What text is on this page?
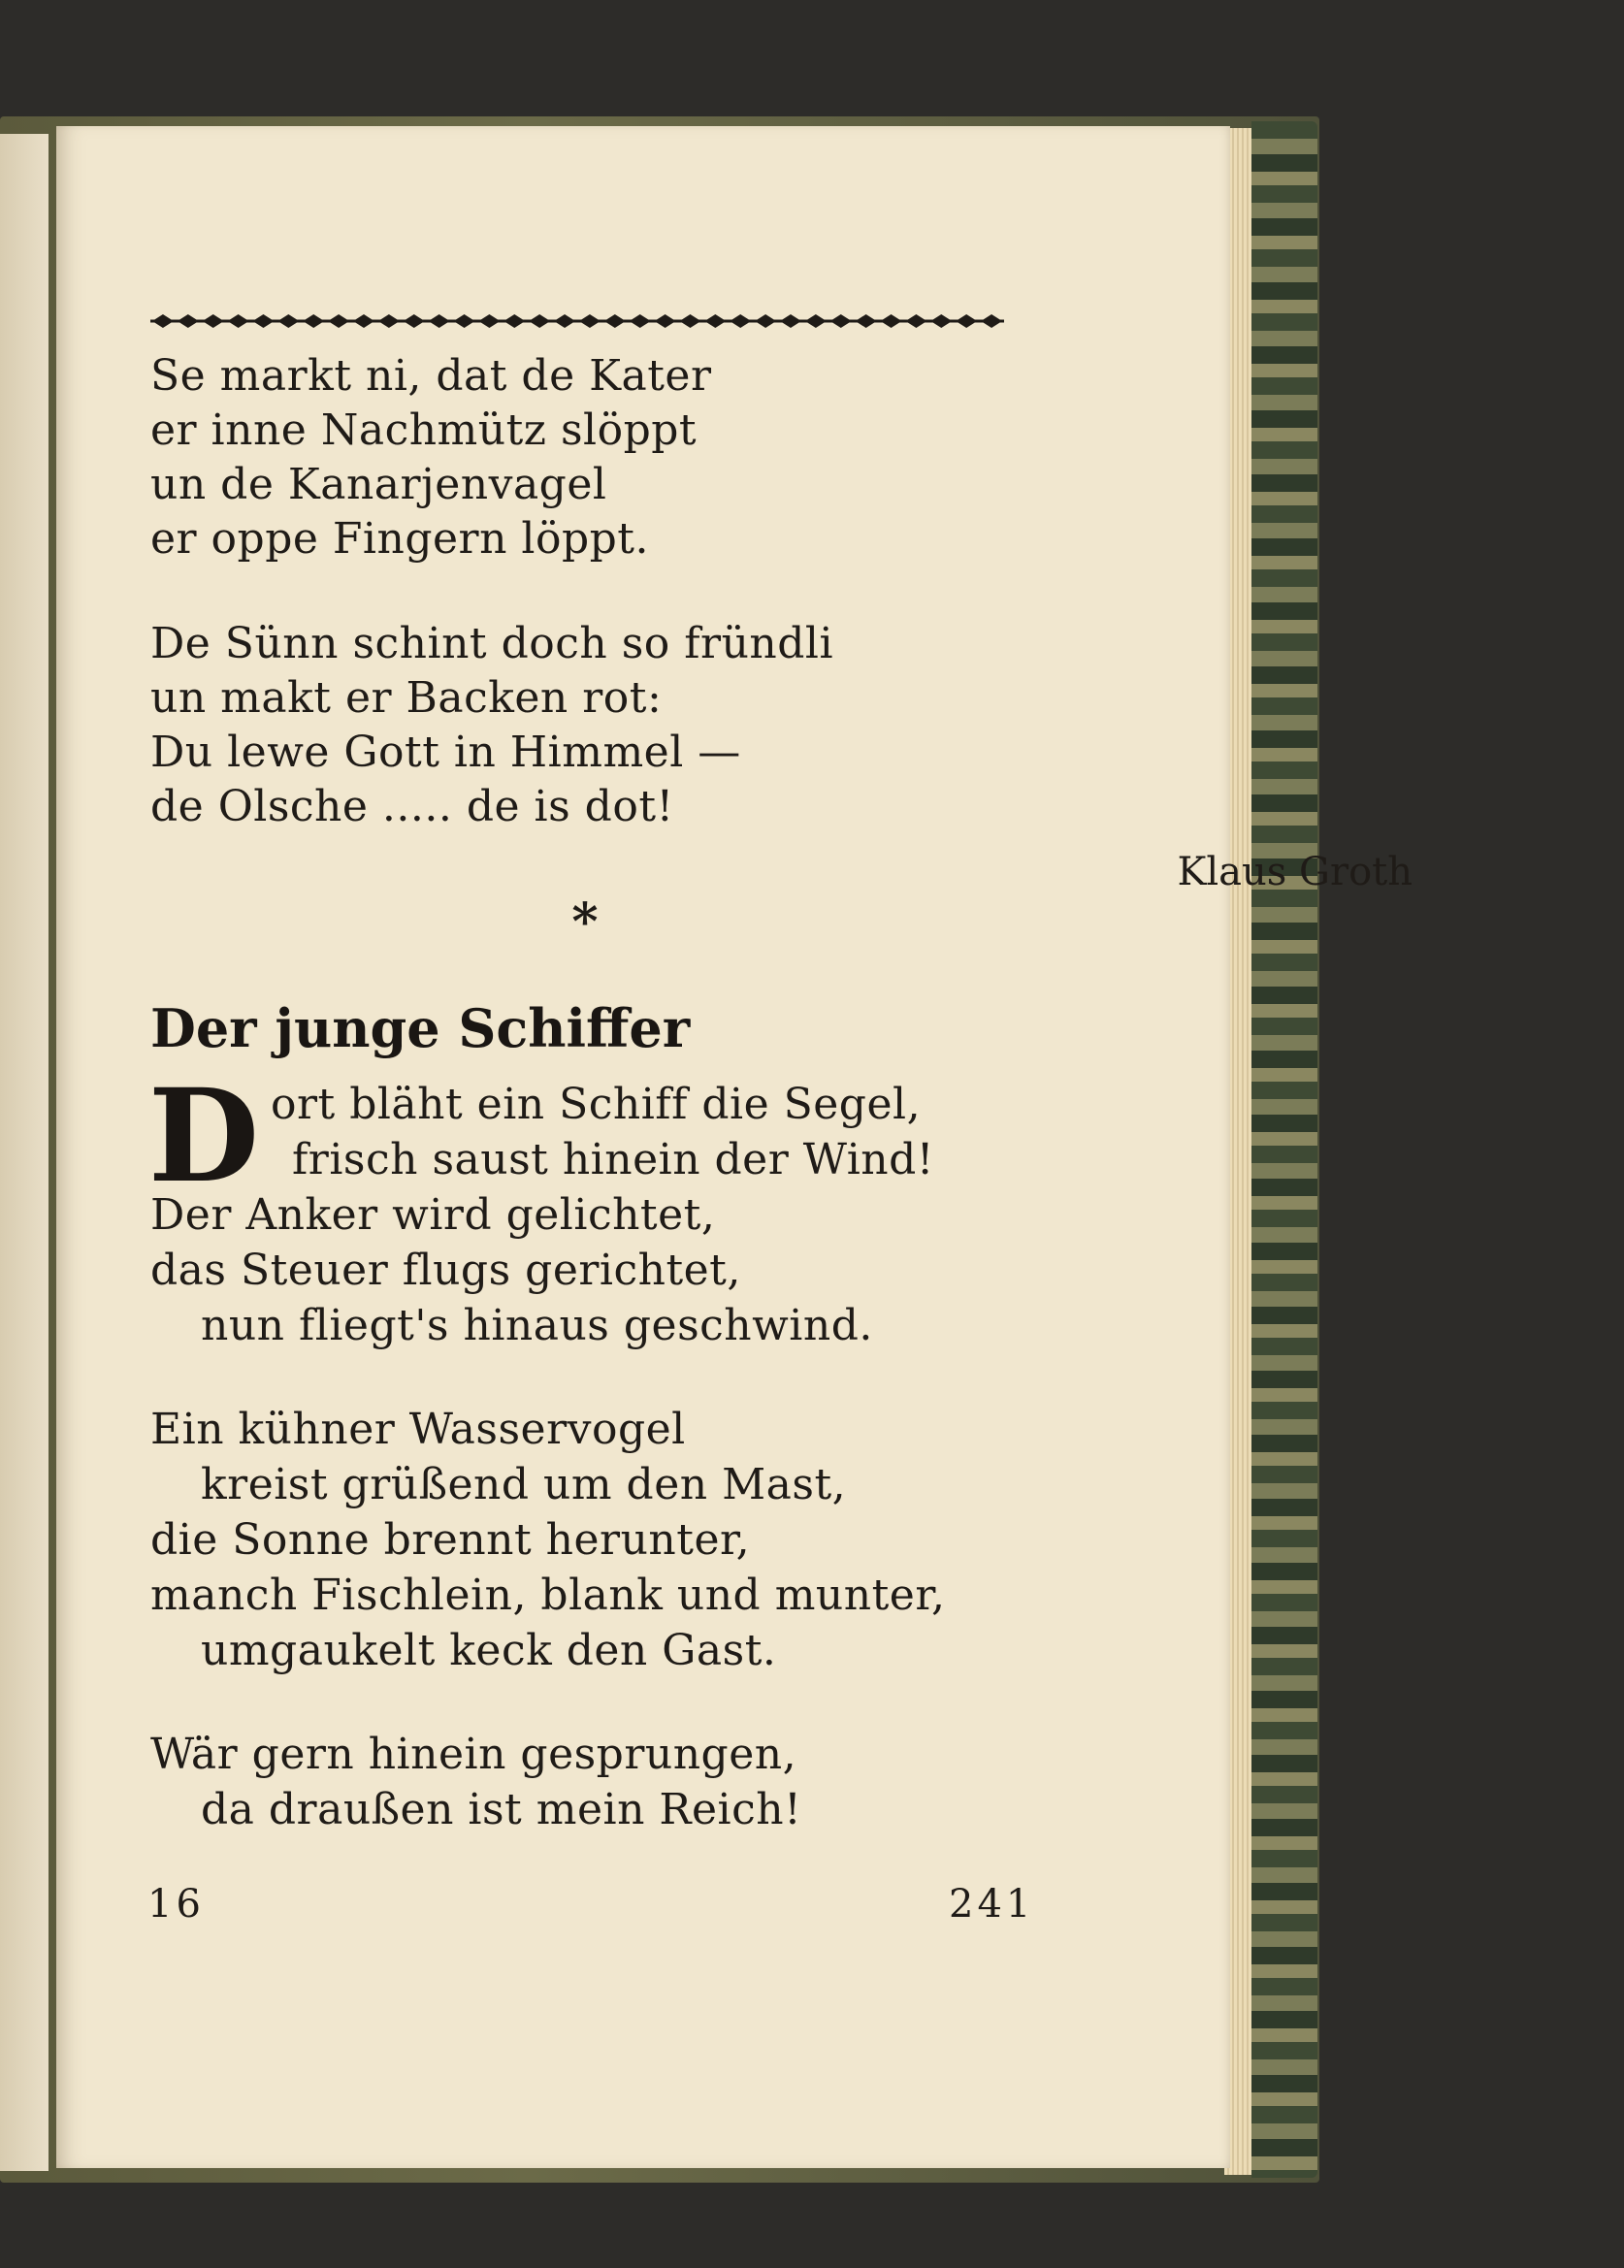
Se markt ni, dat de Kater
er inne Nachmütz slöppt
un de Kanarjenvagel
er oppe Fingern löppt.
De Sünn schint doch so fründli
un makt er Backen rot:
Du lewe Gott in Himmel —
de Olsche ..... de is dot!
Klaus Groth
*
Der junge Schiffer
D ort bläht ein Schiff die Segel,
frisch saust hinein der Wind!
Der Anker wird gelichtet,
das Steuer flugs gerichtet,
nun fliegt's hinaus geschwind.
Ein kühner Wasservogel
kreist grüßend um den Mast,
die Sonne brennt herunter,
manch Fischlein, blank und munter,
umgaukelt keck den Gast.
Wär gern hinein gesprungen,
da draußen ist mein Reich!
16	241
